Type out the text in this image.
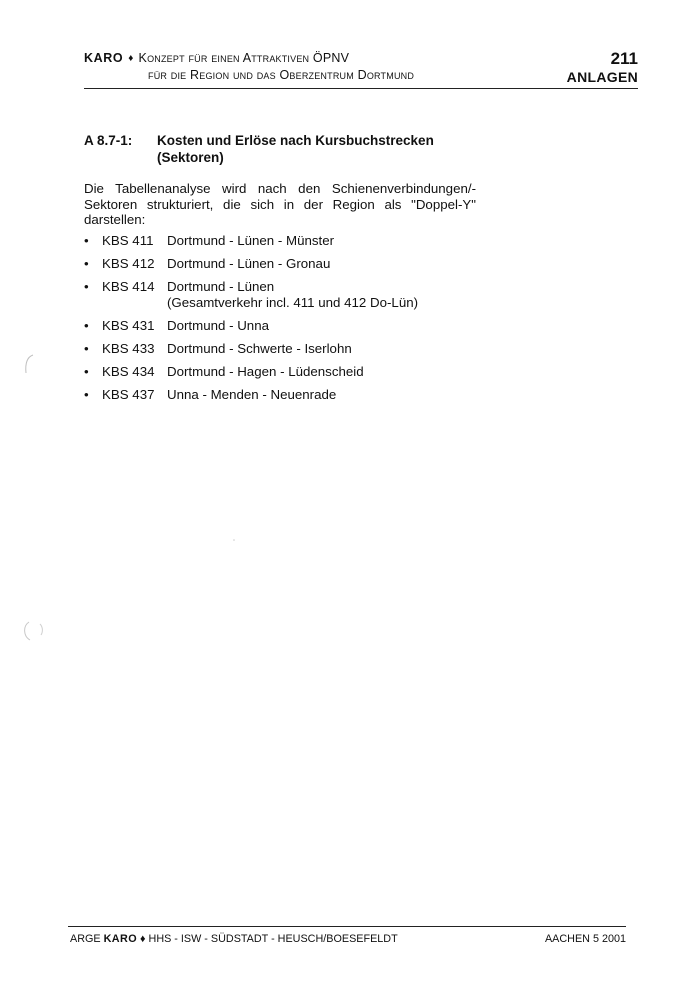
KARO ♦ Konzept für einen Attraktiven ÖPNV
für die Region und das Oberzentrum Dortmund
211
ANLAGEN
A 8.7-1: Kosten und Erlöse nach Kursbuchstrecken (Sektoren)
Die Tabellenanalyse wird nach den Schienenverbindungen/-Sektoren strukturiert, die sich in der Region als "Doppel-Y" darstellen:
•	KBS 411 Dortmund - Lünen - Münster
•	KBS 412 Dortmund - Lünen - Gronau
•	KBS 414 Dortmund - Lünen
(Gesamtverkehr incl. 411 und 412 Do-Lün)
•	KBS 431 Dortmund - Unna
•	KBS 433 Dortmund - Schwerte - Iserlohn
•	KBS 434 Dortmund - Hagen - Lüdenscheid
•	KBS 437 Unna - Menden - Neuenrade
ARGE KARO ♦ HHS - ISW - SÜDSTADT - HEUSCH/BOESEFELDT	AACHEN 5 2001
